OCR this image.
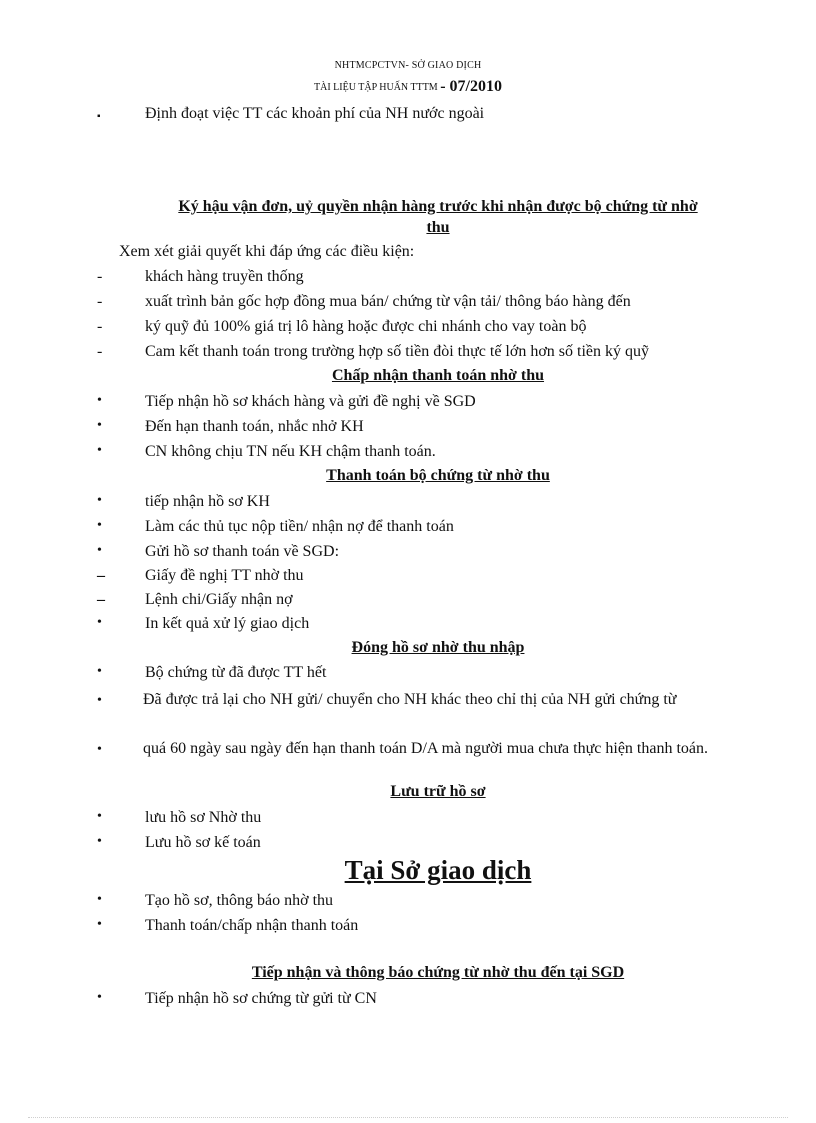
NHTMCPCTVN- SỞ GIAO DỊCH
TÀI LIỆU TẬP HUẤN TTTM - 07/2010
▪	Định đoạt việc TT các khoản phí của NH nước ngoài
Ký hậu vận đơn, uỷ quyền nhận hàng trước khi nhận được bộ chứng từ nhờ
thu
Xem xét giải quyết khi đáp ứng các điều kiện:
-	khách hàng truyền thống
-	xuất trình bản gốc hợp đồng mua bán/ chứng từ vận tải/ thông báo hàng đến
-	ký quỹ đủ 100% giá trị lô hàng hoặc được chi nhánh cho vay toàn bộ
-	Cam kết thanh toán trong trường hợp số tiền đòi thực tế lớn hơn số tiền ký quỹ
Chấp nhận thanh toán nhờ thu
•	Tiếp nhận hồ sơ khách hàng và gửi đề nghị về SGD
•	Đến hạn thanh toán, nhắc nhở KH
•	CN không chịu TN nếu KH chậm thanh toán.
Thanh toán bộ chứng từ nhờ thu
•	tiếp nhận hồ sơ KH
•	Làm các thủ tục nộp tiền/ nhận nợ để thanh toán
•	Gửi hồ sơ thanh toán về SGD:
–	Giấy đề nghị TT nhờ thu
–	Lệnh chi/Giấy nhận nợ
•	In kết quả xử lý giao dịch
Đóng hồ sơ nhờ thu nhập
•	Bộ chứng từ đã được TT hết
•	Đã được trả lại cho NH gửi/ chuyển cho NH khác theo chỉ thị của NH gửi chứng từ
•	quá 60 ngày sau ngày đến hạn thanh toán D/A mà người mua chưa thực hiện thanh toán.
Lưu trữ hồ sơ
•	lưu hồ sơ Nhờ thu
•	Lưu hồ sơ kế toán
Tại Sở giao dịch
•	Tạo hồ sơ, thông báo nhờ thu
•	Thanh toán/chấp nhận thanh toán
Tiếp nhận và thông báo chứng từ nhờ thu đến tại SGD
•	Tiếp nhận hồ sơ chứng từ gửi từ CN
